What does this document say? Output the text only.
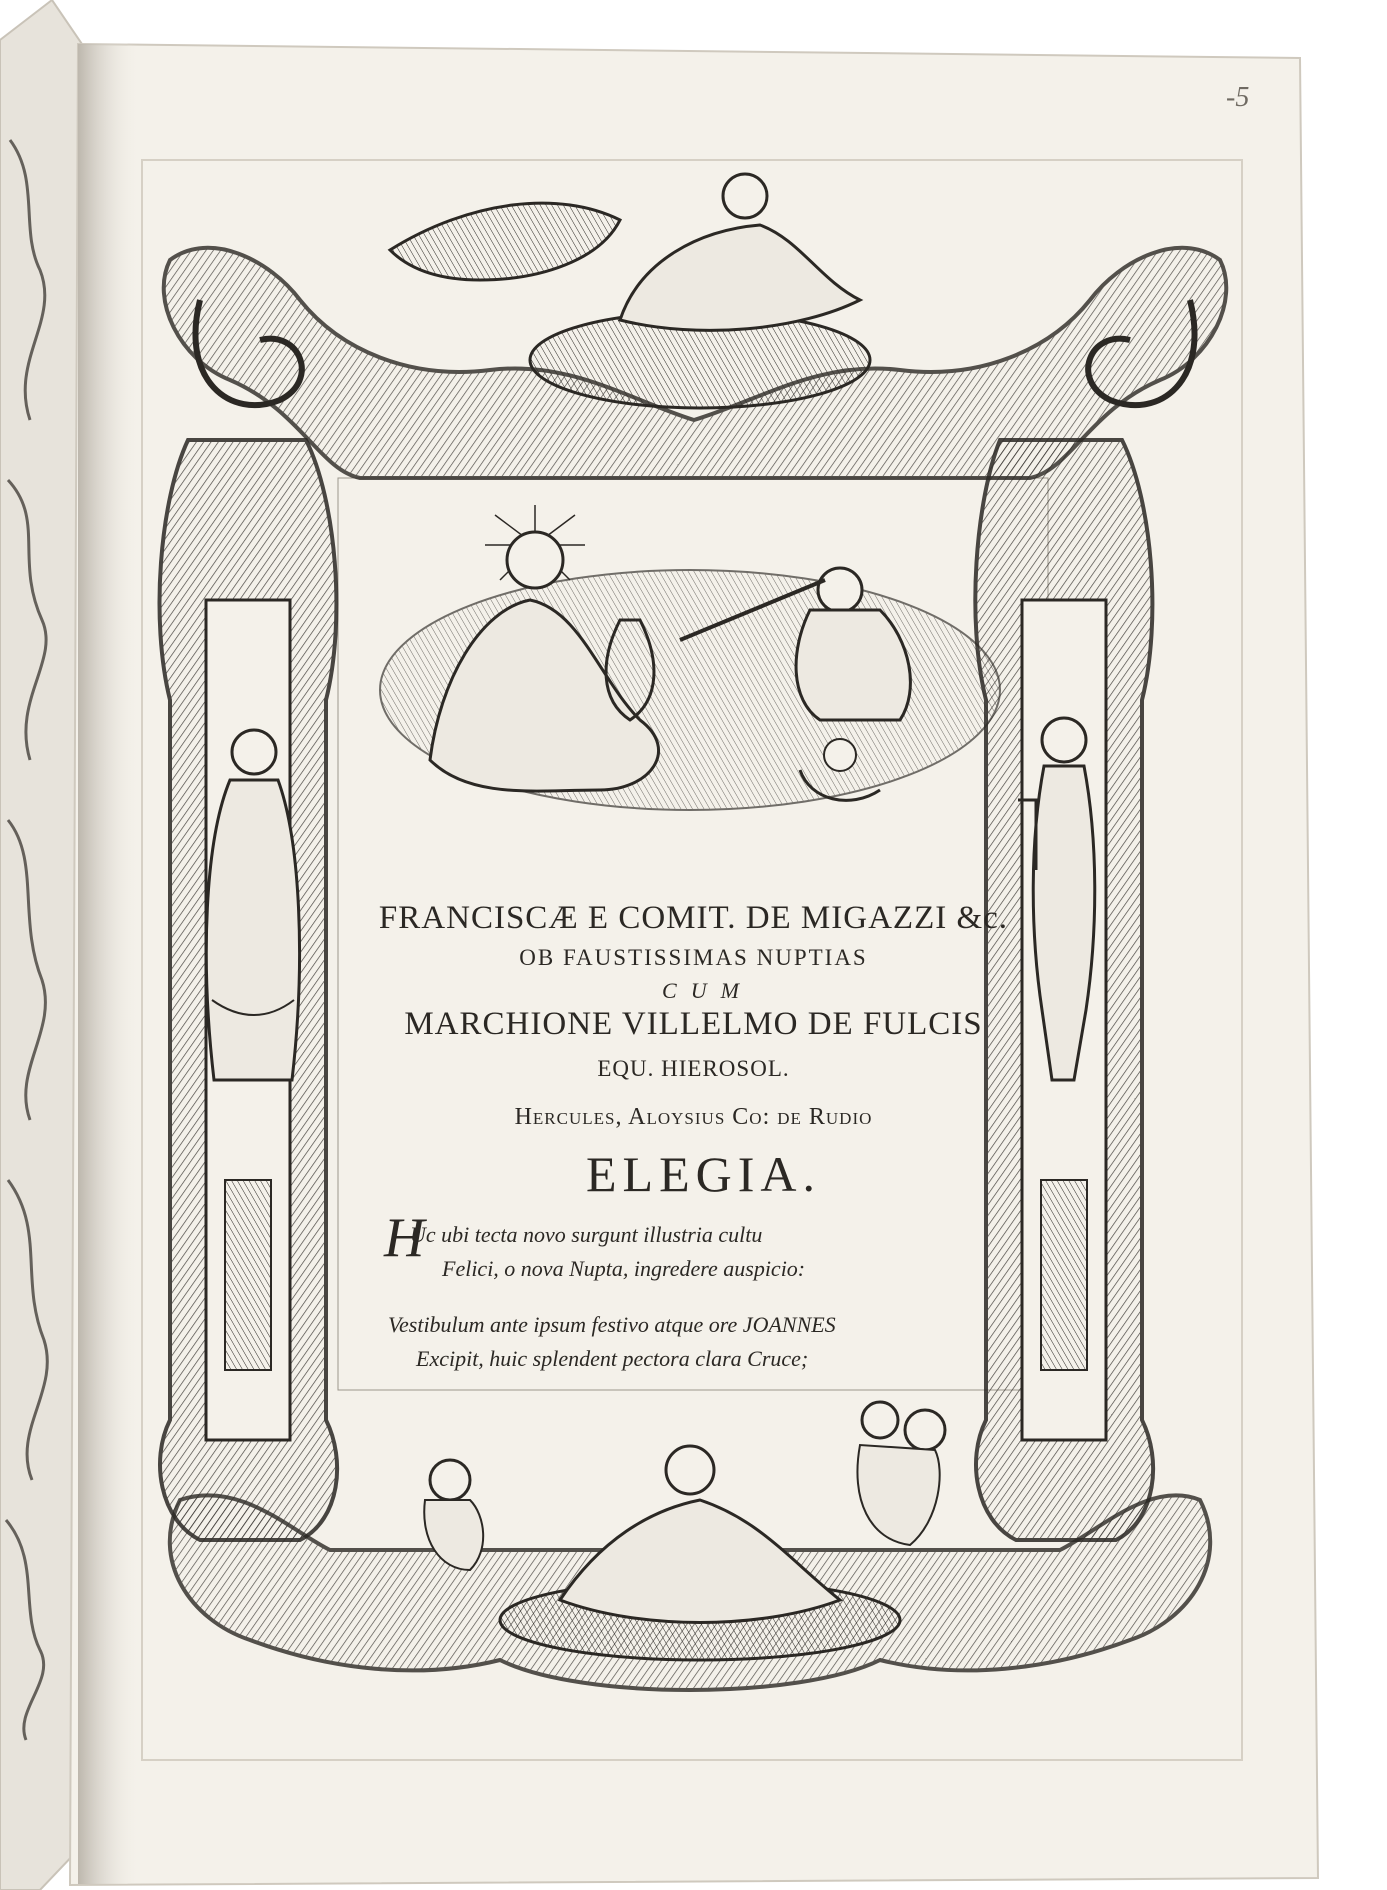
-5
FRANCISCÆ E COMIT. DE MIGAZZI &c.
OB FAUSTISSIMAS NUPTIAS
CUM
MARCHIONE VILLELMO DE FULCIS
EQU. HIEROSOL.
Hercules, Aloysius Co: de Rudio
ELEGIA.
H
Uc ubi tecta novo surgunt illustria cultu
Felici, o nova Nupta, ingredere auspicio:
Vestibulum ante ipsum festivo atque ore JOANNES
Excipit, huic splendent pectora clara Cruce;
